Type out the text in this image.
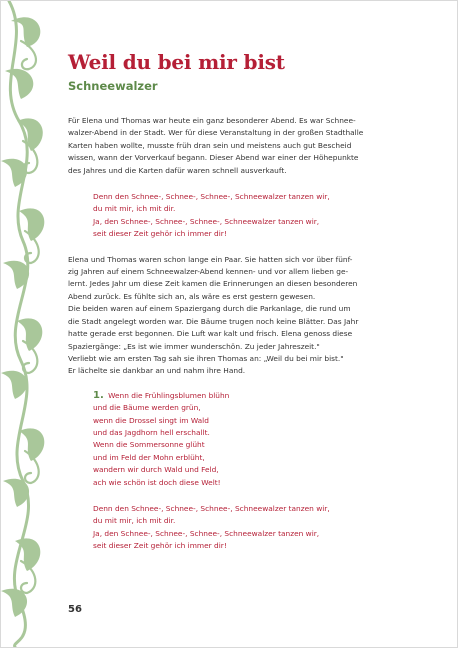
Weil du bei mir bist
Schneewalzer

Für Elena und Thomas war heute ein ganz besonderer Abend. Es war Schnee-
walzer-Abend in der Stadt. Wer für diese Veranstaltung in der großen Stadthalle
Karten haben wollte, musste früh dran sein und meistens auch gut Bescheid
wissen, wann der Vorverkauf begann. Dieser Abend war einer der Höhepunkte
des Jahres und die Karten dafür waren schnell ausverkauft.

Denn den Schnee-, Schnee-, Schnee-, Schneewalzer tanzen wir,
du mit mir, ich mit dir.
Ja, den Schnee-, Schnee-, Schnee-, Schneewalzer tanzen wir,
seit dieser Zeit gehör ich immer dir!

Elena und Thomas waren schon lange ein Paar. Sie hatten sich vor über fünf-
zig Jahren auf einem Schneewalzer-Abend kennen- und vor allem lieben ge-
lernt. Jedes Jahr um diese Zeit kamen die Erinnerungen an diesen besonderen
Abend zurück. Es fühlte sich an, als wäre es erst gestern gewesen.
Die beiden waren auf einem Spaziergang durch die Parkanlage, die rund um
die Stadt angelegt worden war. Die Bäume trugen noch keine Blätter. Das Jahr
hatte gerade erst begonnen. Die Luft war kalt und frisch. Elena genoss diese
Spaziergänge: „Es ist wie immer wunderschön. Zu jeder Jahreszeit."
Verliebt wie am ersten Tag sah sie ihren Thomas an: „Weil du bei mir bist."
Er lächelte sie dankbar an und nahm ihre Hand.

1. Wenn die Frühlingsblumen blühn
und die Bäume werden grün,
wenn die Drossel singt im Wald
und das Jagdhorn hell erschallt.
Wenn die Sommersonne glüht
und im Feld der Mohn erblüht,
wandern wir durch Wald und Feld,
ach wie schön ist doch diese Welt!
Denn den Schnee-, Schnee-, Schnee-, Schneewalzer tanzen wir,
du mit mir, ich mit dir.
Ja, den Schnee-, Schnee-, Schnee-, Schneewalzer tanzen wir,
seit dieser Zeit gehör ich immer dir!
56
